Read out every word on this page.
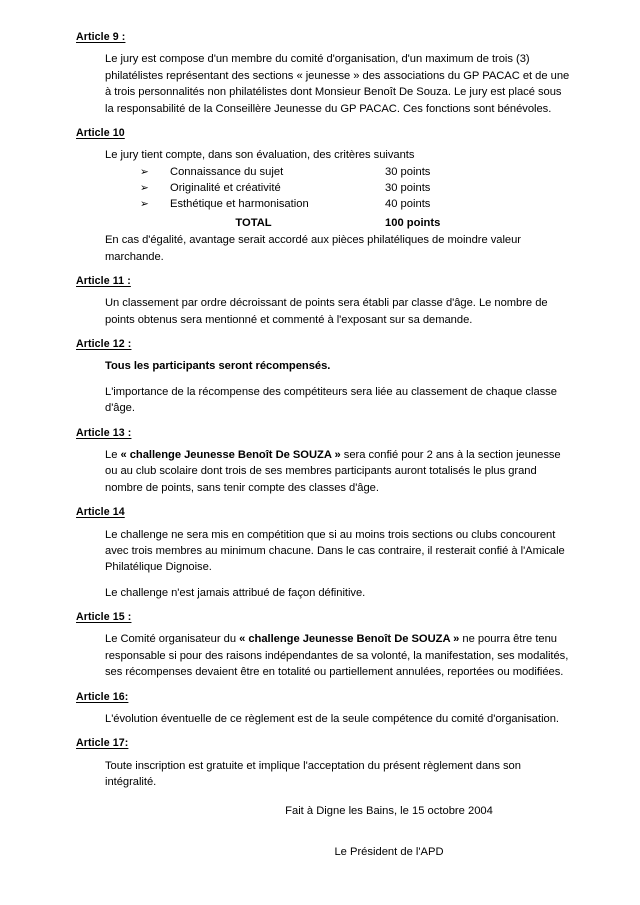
Article 9 :

Le jury est compose d'un membre du comité d'organisation, d'un maximum de trois (3) philatélistes représentant des sections « jeunesse » des associations du GP PACAC et de une à trois personnalités non philatélistes dont Monsieur Benoît De Souza. Le jury est placé sous la responsabilité de la Conseillère Jeunesse du GP PACAC. Ces fonctions sont bénévoles.

Article 10

Le jury tient compte, dans son évaluation, des critères suivants

➢	Connaissance du sujet	30 points
➢	Originalité et créativité	30 points
➢	Esthétique et harmonisation	40 points
TOTAL	100 points

En cas d'égalité, avantage serait accordé aux pièces philatéliques de moindre valeur marchande.

Article 11 :

Un classement par ordre décroissant de points sera établi par classe d'âge. Le nombre de points obtenus sera mentionné et commenté à l'exposant sur sa demande.

Article 12 :

Tous les participants seront récompensés.

L'importance de la récompense des compétiteurs sera liée au classement de chaque classe d'âge.

Article 13 :

Le « challenge Jeunesse Benoît De SOUZA » sera confié pour 2 ans à la section jeunesse ou au club scolaire dont trois de ses membres participants auront totalisés le plus grand nombre de points, sans tenir compte des classes d'âge.

Article 14

Le challenge ne sera mis en compétition que si au moins trois sections ou clubs concourent avec trois membres au minimum chacune. Dans le cas contraire, il resterait confié à l'Amicale Philatélique Dignoise.

Le challenge n'est jamais attribué de façon définitive.

Article 15 :

Le Comité organisateur du « challenge Jeunesse Benoît De SOUZA » ne pourra être tenu responsable si pour des raisons indépendantes de sa volonté, la manifestation, ses modalités, ses récompenses devaient être en totalité ou partiellement annulées, reportées ou modifiées.

Article 16:

L'évolution éventuelle de ce règlement est de la seule compétence du comité d'organisation.

Article 17:

Toute inscription est gratuite et implique l'acceptation du présent règlement dans son intégralité.

Fait à Digne les Bains, le 15 octobre 2004

Le Président de l'APD
